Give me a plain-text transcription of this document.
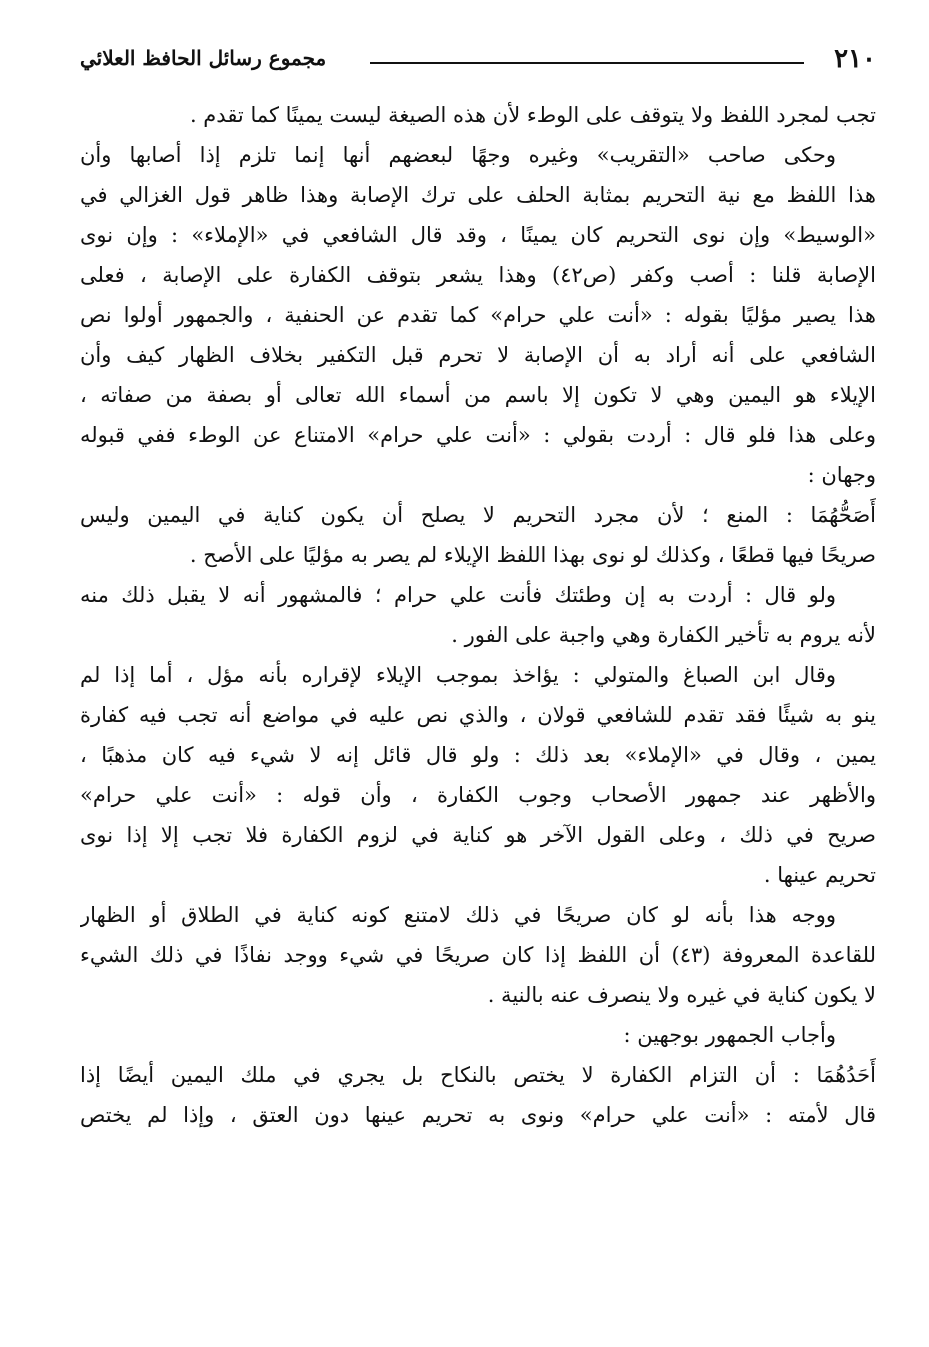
٢١٠
مجموع رسائل الحافظ العلائي
تجب لمجرد اللفظ ولا يتوقف على الوطء لأن هذه الصيغة ليست يمينًا كما تقدم .
وحكى صاحب «التقريب» وغيره وجهًا لبعضهم أنها إنما تلزم إذا أصابها وأن
هذا اللفظ مع نية التحريم بمثابة الحلف على ترك الإصابة وهذا ظاهر قول الغزالي في
«الوسيط» وإن نوى التحريم كان يمينًا ، وقد قال الشافعي في «الإملاء» : وإن نوى
الإصابة قلنا : أصب وكفر (ص٤٢) وهذا يشعر بتوقف الكفارة على الإصابة ، فعلى
هذا يصير مؤليًا بقوله : «أنت علي حرام» كما تقدم عن الحنفية ، والجمهور أولوا نص
الشافعي على أنه أراد به أن الإصابة لا تحرم قبل التكفير بخلاف الظهار كيف وأن
الإيلاء هو اليمين وهي لا تكون إلا باسم من أسماء الله تعالى أو بصفة من صفاته ،
وعلى هذا فلو قال : أردت بقولي : «أنت علي حرام» الامتناع عن الوطء ففي قبوله
وجهان :
أَصَحُّهُمَا : المنع ؛ لأن مجرد التحريم لا يصلح أن يكون كناية في اليمين وليس
صريحًا فيها قطعًا ، وكذلك لو نوى بهذا اللفظ الإيلاء لم يصر به مؤليًا على الأصح .
ولو قال : أردت به إن وطئتك فأنت علي حرام ؛ فالمشهور أنه لا يقبل ذلك منه
لأنه يروم به تأخير الكفارة وهي واجبة على الفور .
وقال ابن الصباغ والمتولي : يؤاخذ بموجب الإيلاء لإقراره بأنه مؤل ، أما إذا لم
ينو به شيئًا فقد تقدم للشافعي قولان ، والذي نص عليه في مواضع أنه تجب فيه كفارة
يمين ، وقال في «الإملاء» بعد ذلك : ولو قال قائل إنه لا شيء فيه كان مذهبًا ،
والأظهر عند جمهور الأصحاب وجوب الكفارة ، وأن قوله : «أنت علي حرام»
صريح في ذلك ، وعلى القول الآخر هو كناية في لزوم الكفارة فلا تجب إلا إذا نوى
تحريم عينها .
ووجه هذا بأنه لو كان صريحًا في ذلك لامتنع كونه كناية في الطلاق أو الظهار
للقاعدة المعروفة (٤٣) أن اللفظ إذا كان صريحًا في شيء ووجد نفاذًا في ذلك الشيء
لا يكون كناية في غيره ولا ينصرف عنه بالنية .
وأجاب الجمهور بوجهين :
أَحَدُهُمَا : أن التزام الكفارة لا يختص بالنكاح بل يجري في ملك اليمين أيضًا إذا
قال لأمته : «أنت علي حرام» ونوى به تحريم عينها دون العتق ، وإذا لم يختص
